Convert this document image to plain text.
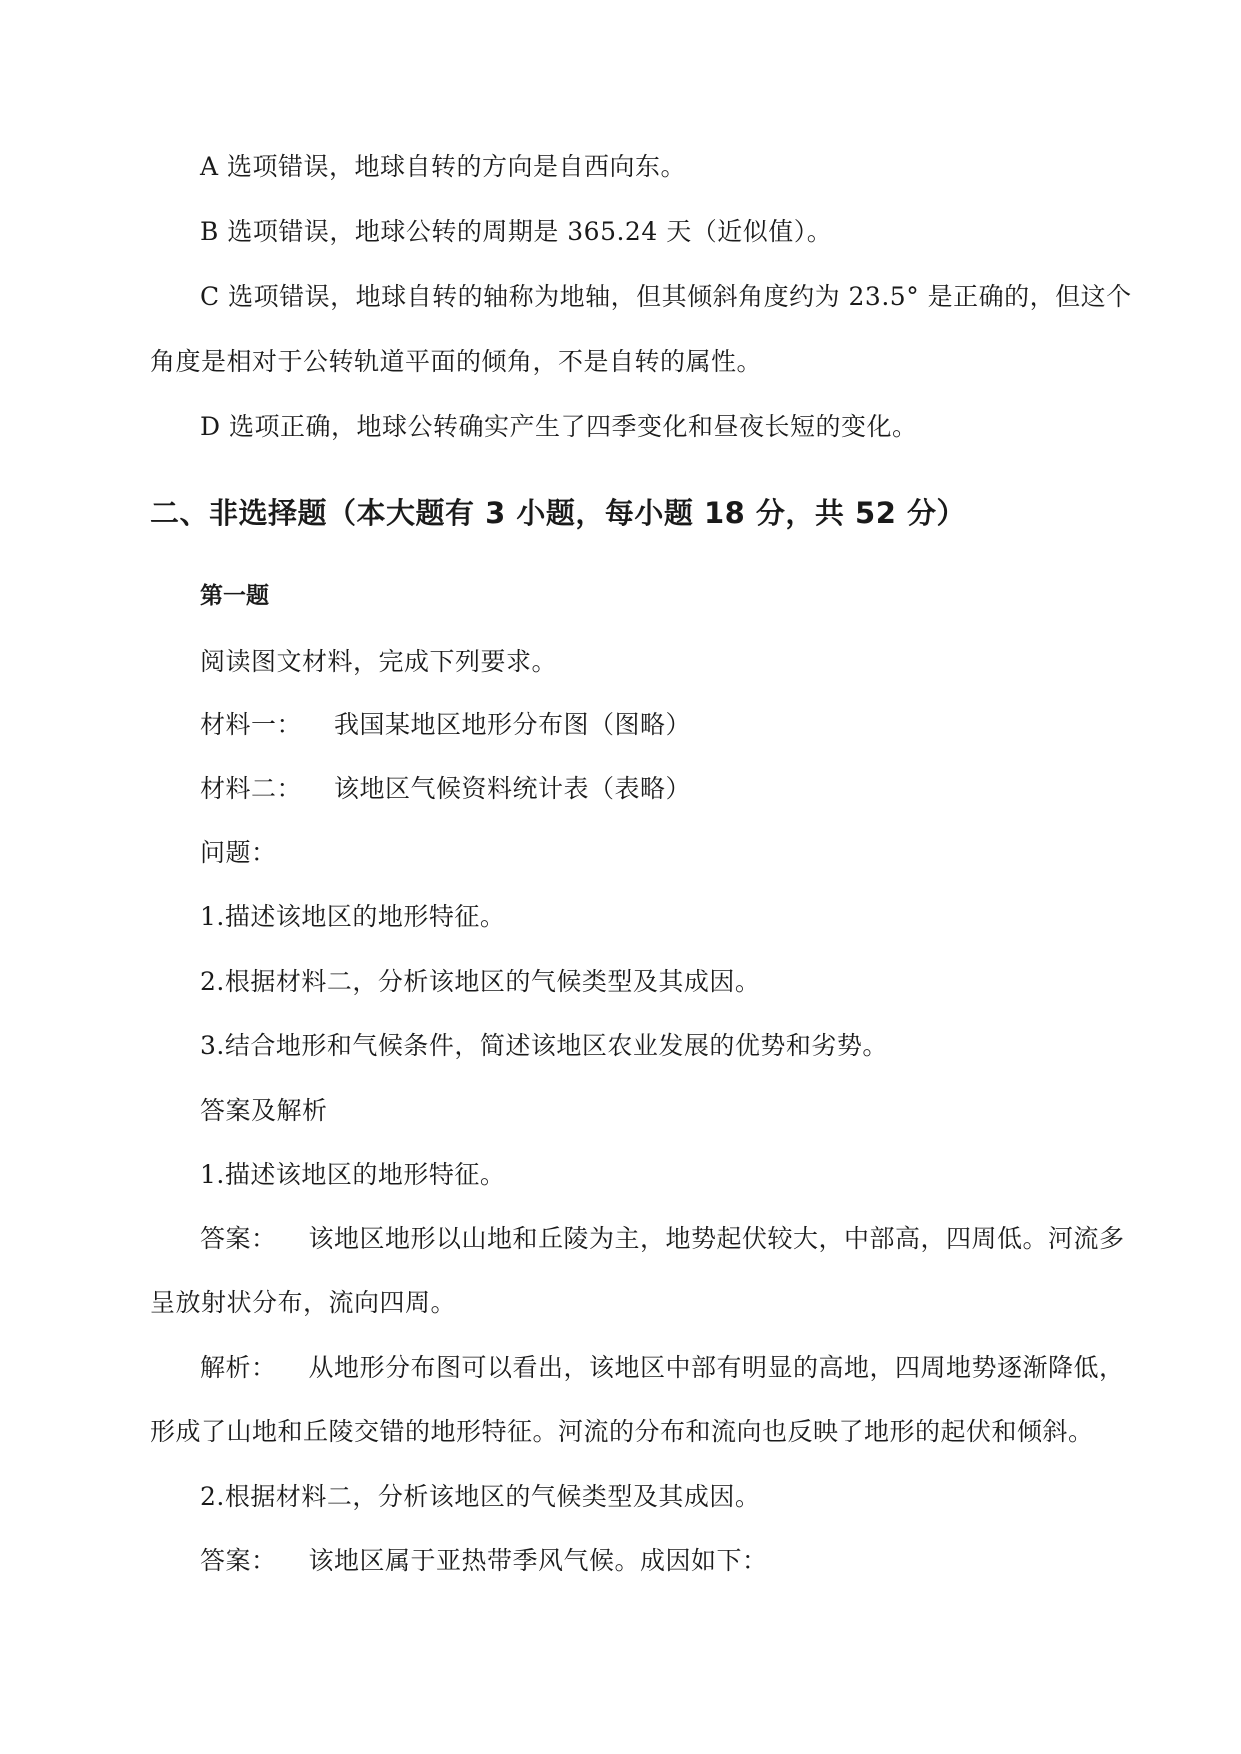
A 选项错误，地球自转的方向是自西向东。
B 选项错误，地球公转的周期是 365.24 天（近似值）。
C 选项错误，地球自转的轴称为地轴，但其倾斜角度约为 23.5° 是正确的，但这个
角度是相对于公转轨道平面的倾角，不是自转的属性。
D 选项正确，地球公转确实产生了四季变化和昼夜长短的变化。
二、非选择题（本大题有 3 小题，每小题 18 分，共 52 分）
第一题
阅读图文材料，完成下列要求。
材料一： 我国某地区地形分布图（图略）
材料二： 该地区气候资料统计表（表略）
问题：
1.描述该地区的地形特征。
2.根据材料二，分析该地区的气候类型及其成因。
3.结合地形和气候条件，简述该地区农业发展的优势和劣势。
答案及解析
1.描述该地区的地形特征。
答案： 该地区地形以山地和丘陵为主，地势起伏较大，中部高，四周低。河流多
呈放射状分布，流向四周。
解析： 从地形分布图可以看出，该地区中部有明显的高地，四周地势逐渐降低，
形成了山地和丘陵交错的地形特征。河流的分布和流向也反映了地形的起伏和倾斜。
2.根据材料二，分析该地区的气候类型及其成因。
答案： 该地区属于亚热带季风气候。成因如下：
